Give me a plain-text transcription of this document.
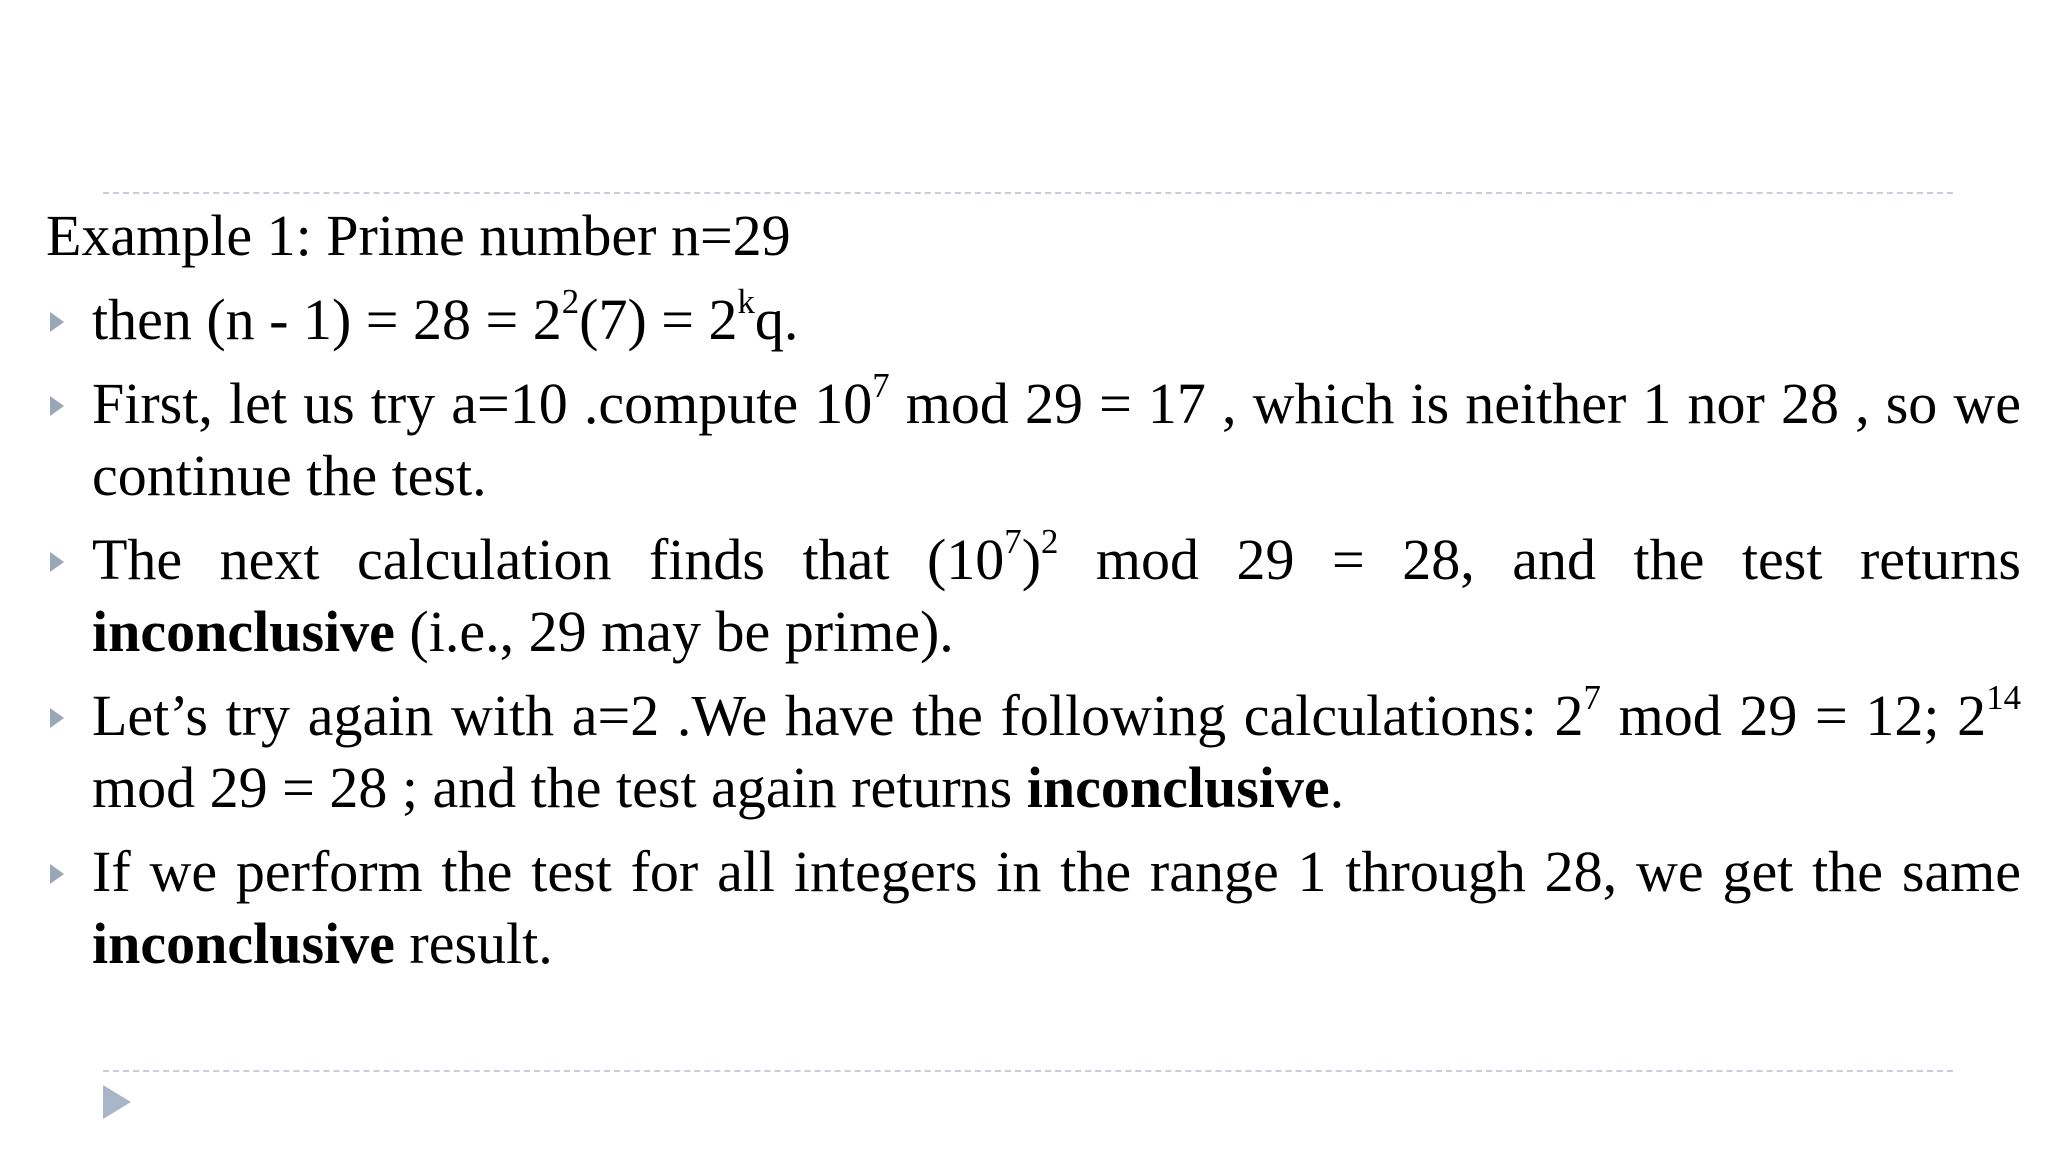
Example 1: Prime number n=29
then $(n - 1) = 28 = 2^2(7) = 2^kq$.
First, let us try a=10 .compute $10^7$ mod 29 = 17 , which is neither 1 nor 28 , so we continue the test.
The next calculation finds that $(10^7)^2$ mod 29 = 28, and the test returns inconclusive (i.e., 29 may be prime).
Let’s try again with a=2 .We have the following calculations: $2^7$ mod 29 = 12; $2^{14}$ mod 29 = 28 ; and the test again returns inconclusive.
If we perform the test for all integers in the range 1 through 28, we get the same inconclusive result.
